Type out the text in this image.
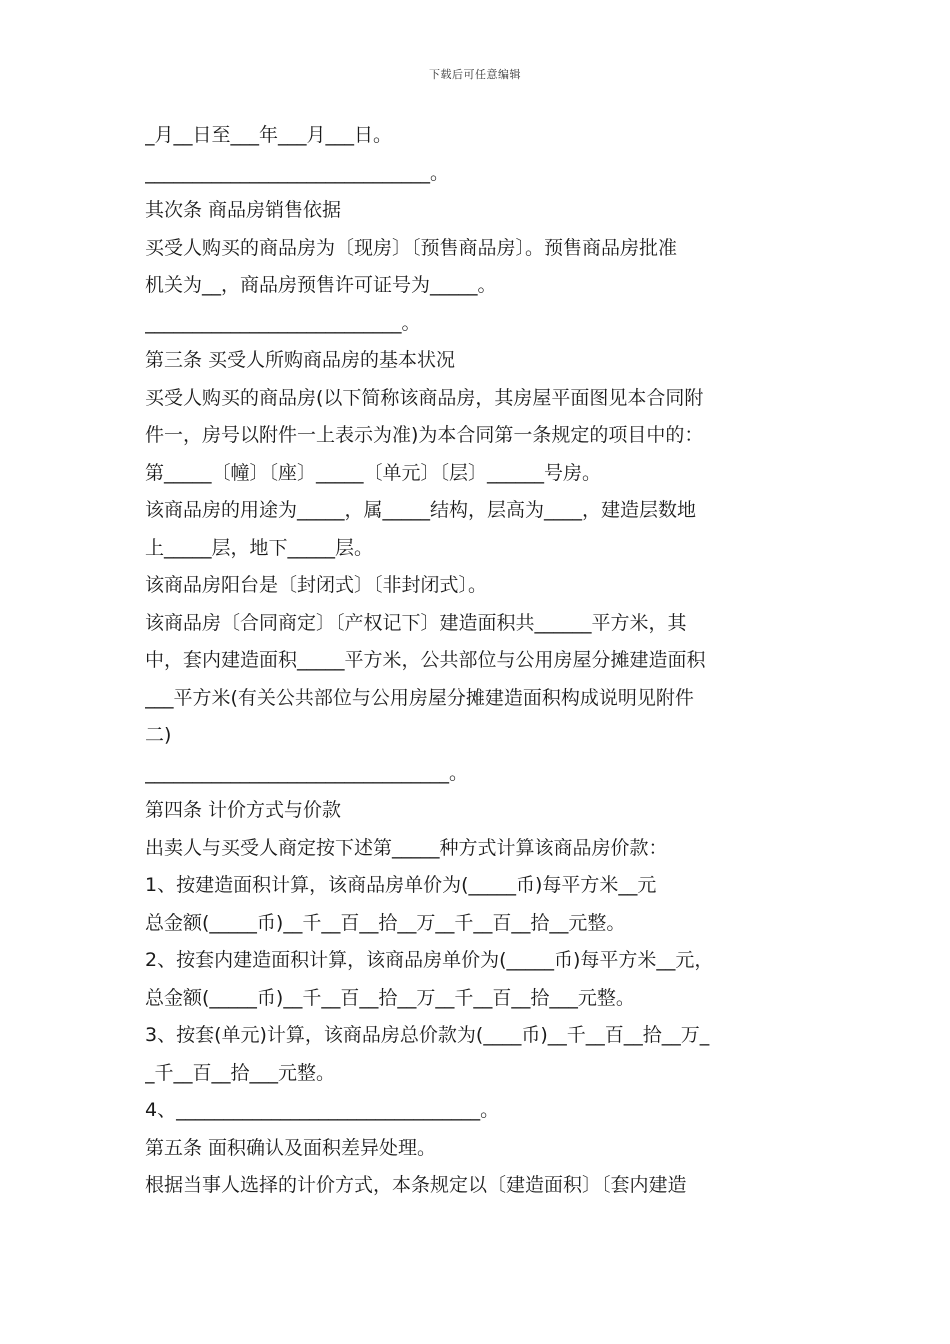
下载后可任意编辑
_月__日至___年___月___日。
______________________________。
其次条 商品房销售依据
买受人购买的商品房为〔现房〕〔预售商品房〕。预售商品房批准
机关为__，商品房预售许可证号为_____。
___________________________。
第三条 买受人所购商品房的基本状况
买受人购买的商品房(以下简称该商品房，其房屋平面图见本合同附
件一，房号以附件一上表示为准)为本合同第一条规定的项目中的：
第_____〔幢〕〔座〕_____〔单元〕〔层〕______号房。
该商品房的用途为_____，属_____结构，层高为____，建造层数地
上_____层，地下_____层。
该商品房阳台是〔封闭式〕〔非封闭式〕。
该商品房〔合同商定〕〔产权记下〕建造面积共______平方米，其
中，套内建造面积_____平方米，公共部位与公用房屋分摊建造面积
___平方米(有关公共部位与公用房屋分摊建造面积构成说明见附件
二)
________________________________。
第四条 计价方式与价款
出卖人与买受人商定按下述第_____种方式计算该商品房价款：
1、按建造面积计算，该商品房单价为(_____币)每平方米__元
总金额(_____币)__千__百__拾__万__千__百__拾__元整。
2、按套内建造面积计算，该商品房单价为(_____币)每平方米__元，
总金额(_____币)__千__百__拾__万__千__百__拾___元整。
3、按套(单元)计算，该商品房总价款为(____币)__千__百__拾__万_
_千__百__拾___元整。
4、________________________________。
第五条 面积确认及面积差异处理。
根据当事人选择的计价方式，本条规定以〔建造面积〕〔套内建造
